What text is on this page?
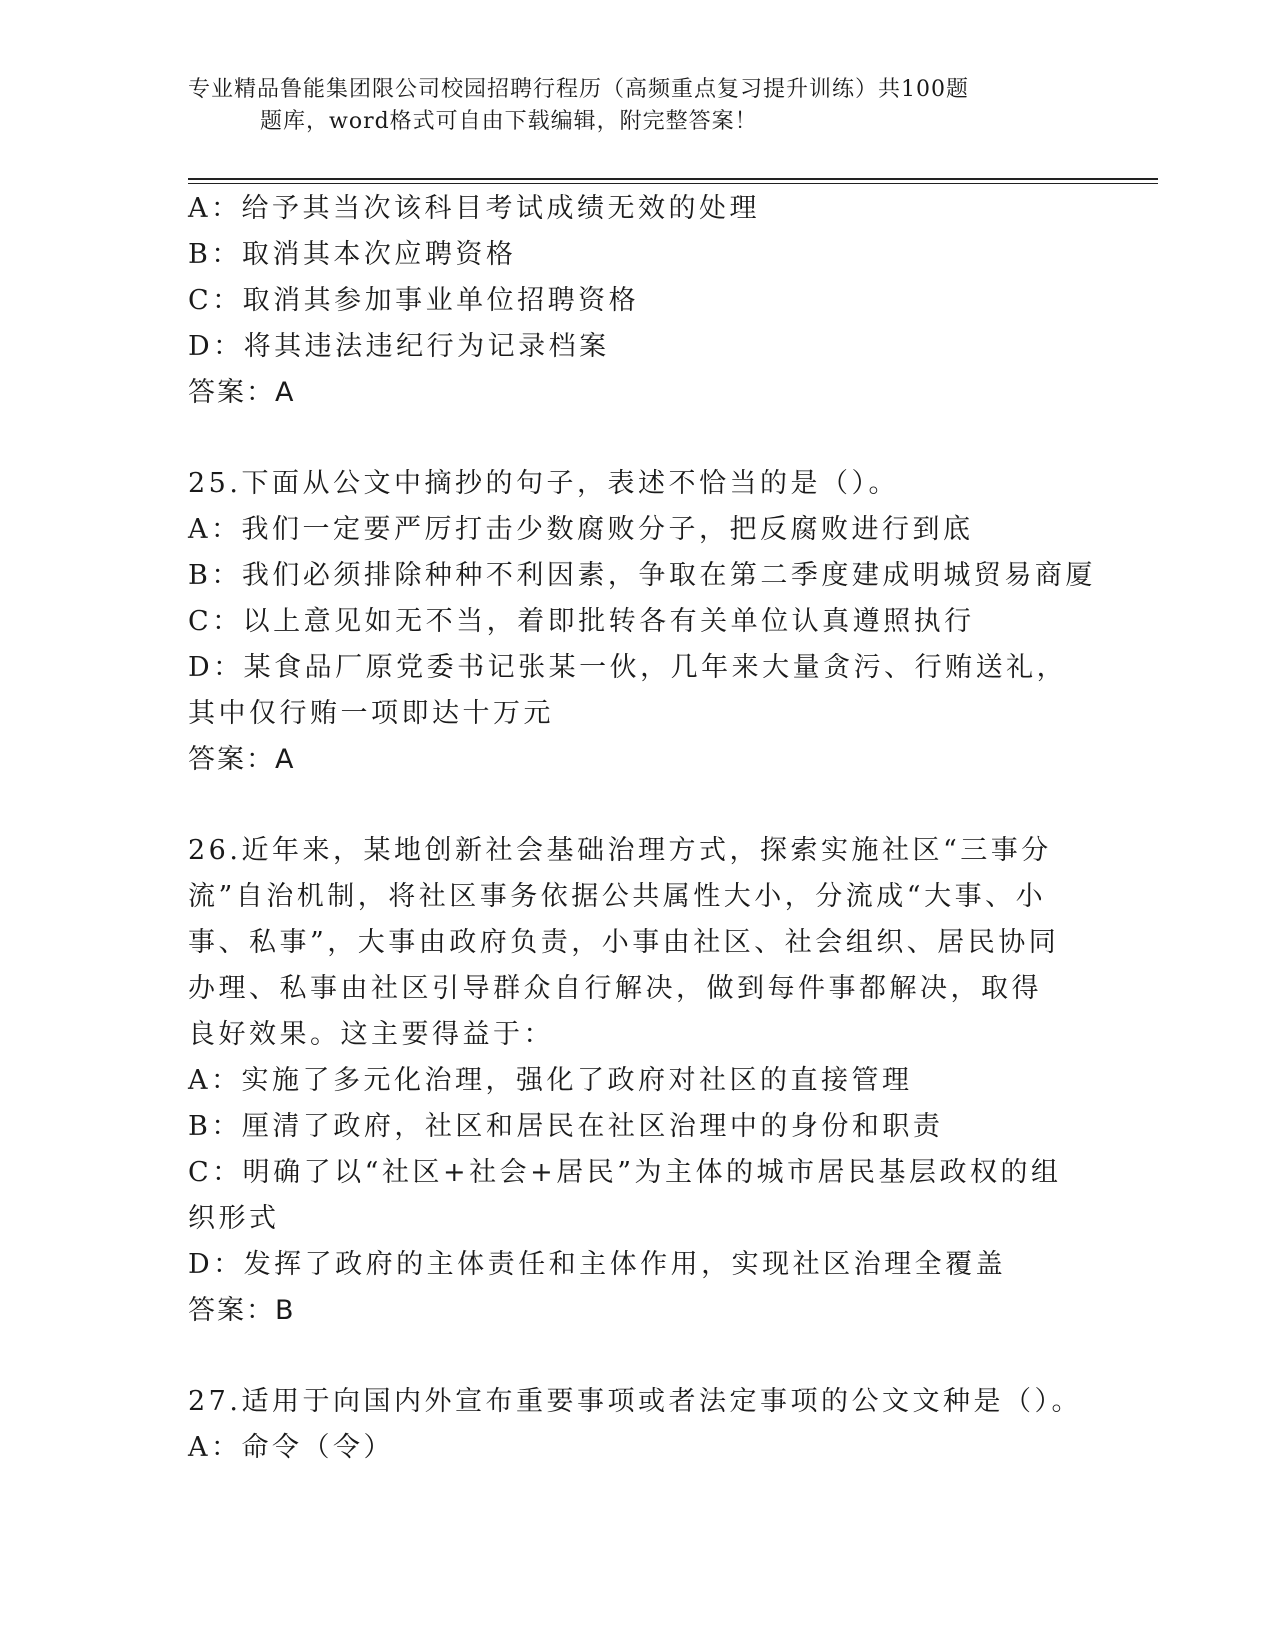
专业精品鲁能集团限公司校园招聘行程历（高频重点复习提升训练）共100题
题库，word格式可自由下载编辑，附完整答案！
A：给予其当次该科目考试成绩无效的处理
B：取消其本次应聘资格
C：取消其参加事业单位招聘资格
D：将其违法违纪行为记录档案
答案：A
25.下面从公文中摘抄的句子，表述不恰当的是（）。
A：我们一定要严厉打击少数腐败分子，把反腐败进行到底
B：我们必须排除种种不利因素，争取在第二季度建成明城贸易商厦
C：以上意见如无不当，着即批转各有关单位认真遵照执行
D：某食品厂原党委书记张某一伙，几年来大量贪污、行贿送礼，其中仅行贿一项即达十万元
答案：A
26.近年来，某地创新社会基础治理方式，探索实施社区“三事分流”自治机制，将社区事务依据公共属性大小，分流成“大事、小事、私事”，大事由政府负责，小事由社区、社会组织、居民协同办理、私事由社区引导群众自行解决，做到每件事都解决，取得良好效果。这主要得益于：
A：实施了多元化治理，强化了政府对社区的直接管理
B：厘清了政府，社区和居民在社区治理中的身份和职责
C：明确了以“社区+社会+居民”为主体的城市居民基层政权的组织形式
D：发挥了政府的主体责任和主体作用，实现社区治理全覆盖
答案：B
27.适用于向国内外宣布重要事项或者法定事项的公文文种是（）。
A：命令（令）
